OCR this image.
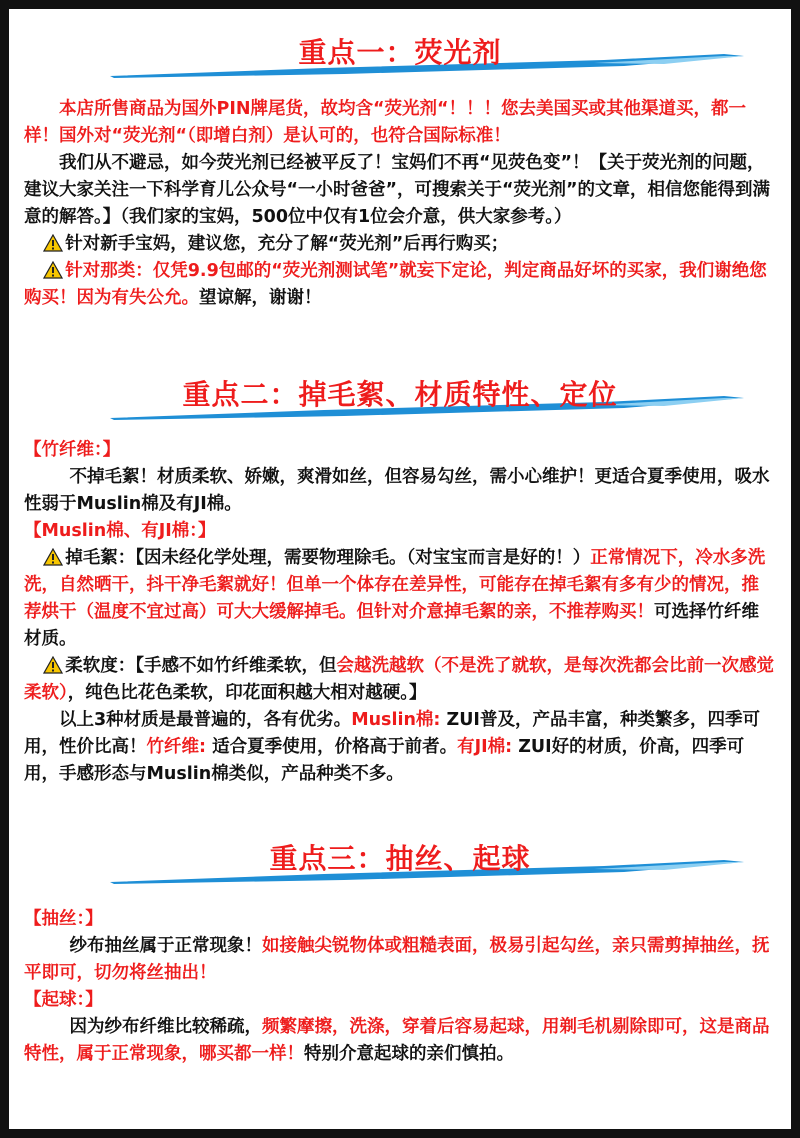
重点一：荧光剂

本店所售商品为国外PIN牌尾货，故均含“荧光剂“！！！您去美国买或其他渠道买，都一样！国外对“荧光剂“（即增白剂）是认可的，也符合国际标准！

我们从不避忌，如今荧光剂已经被平反了！宝妈们不再“见荧色变”！【关于荧光剂的问题，建议大家关注一下科学育儿公众号“一小时爸爸”，可搜索关于“荧光剂”的文章，相信您能得到满意的解答。】（我们家的宝妈，500位中仅有1位会介意，供大家参考。）

针对新手宝妈，建议您，充分了解“荧光剂”后再行购买；

针对那类：仅凭9.9包邮的“荧光剂测试笔”就妄下定论，判定商品好坏的买家，我们谢绝您购买！因为有失公允。望谅解，谢谢！

重点二：掉毛絮、材质特性、定位

【竹纤维：】

不掉毛絮！材质柔软、娇嫩，爽滑如丝，但容易勾丝，需小心维护！更适合夏季使用，吸水性弱于Muslin棉及有JI棉。

【Muslin棉、有JI棉：】

掉毛絮：【因未经化学处理，需要物理除毛。（对宝宝而言是好的！）正常情况下，冷水多洗洗，自然晒干，抖干净毛絮就好！但单一个体存在差异性，可能存在掉毛絮有多有少的情况，推荐烘干（温度不宜过高）可大大缓解掉毛。但针对介意掉毛絮的亲，不推荐购买！可选择竹纤维材质。

柔软度：【手感不如竹纤维柔软，但会越洗越软（不是洗了就软，是每次洗都会比前一次感觉柔软），纯色比花色柔软，印花面积越大相对越硬。】

以上3种材质是最普遍的，各有优劣。Muslin棉: ZUI普及，产品丰富，种类繁多，四季可用，性价比高！竹纤维: 适合夏季使用，价格高于前者。有JI棉: ZUI好的材质，价高，四季可用，手感形态与Muslin棉类似，产品种类不多。

重点三：抽丝、起球

【抽丝：】

纱布抽丝属于正常现象！如接触尖锐物体或粗糙表面，极易引起勾丝，亲只需剪掉抽丝，抚平即可，切勿将丝抽出！

【起球：】

因为纱布纤维比较稀疏，频繁摩擦，洗涤，穿着后容易起球，用剃毛机剔除即可，这是商品特性，属于正常现象，哪买都一样！特别介意起球的亲们慎拍。
